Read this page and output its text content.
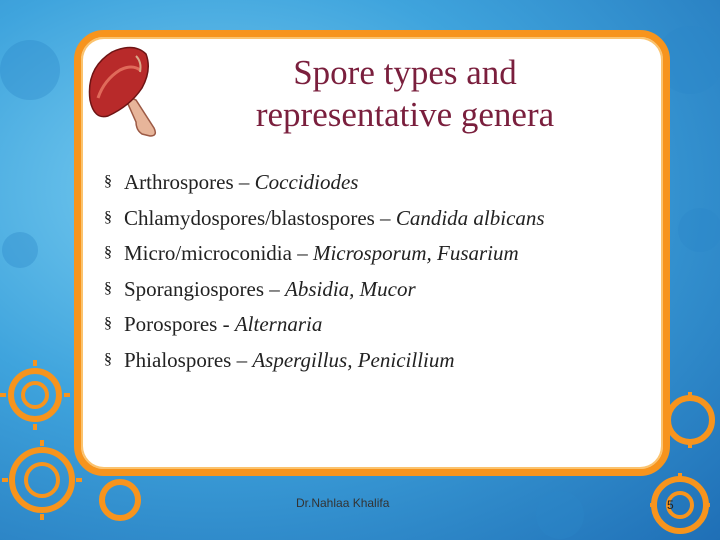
Spore types and representative genera
§ Arthrospores – Coccidiodes
§ Chlamydospores/blastospores – Candida albicans
§ Micro/microconidia – Microsporum, Fusarium
§ Sporangiospores – Absidia, Mucor
§ Porospores - Alternaria
§ Phialospores – Aspergillus, Penicillium
Dr.Nahlaa Khalifa	5
